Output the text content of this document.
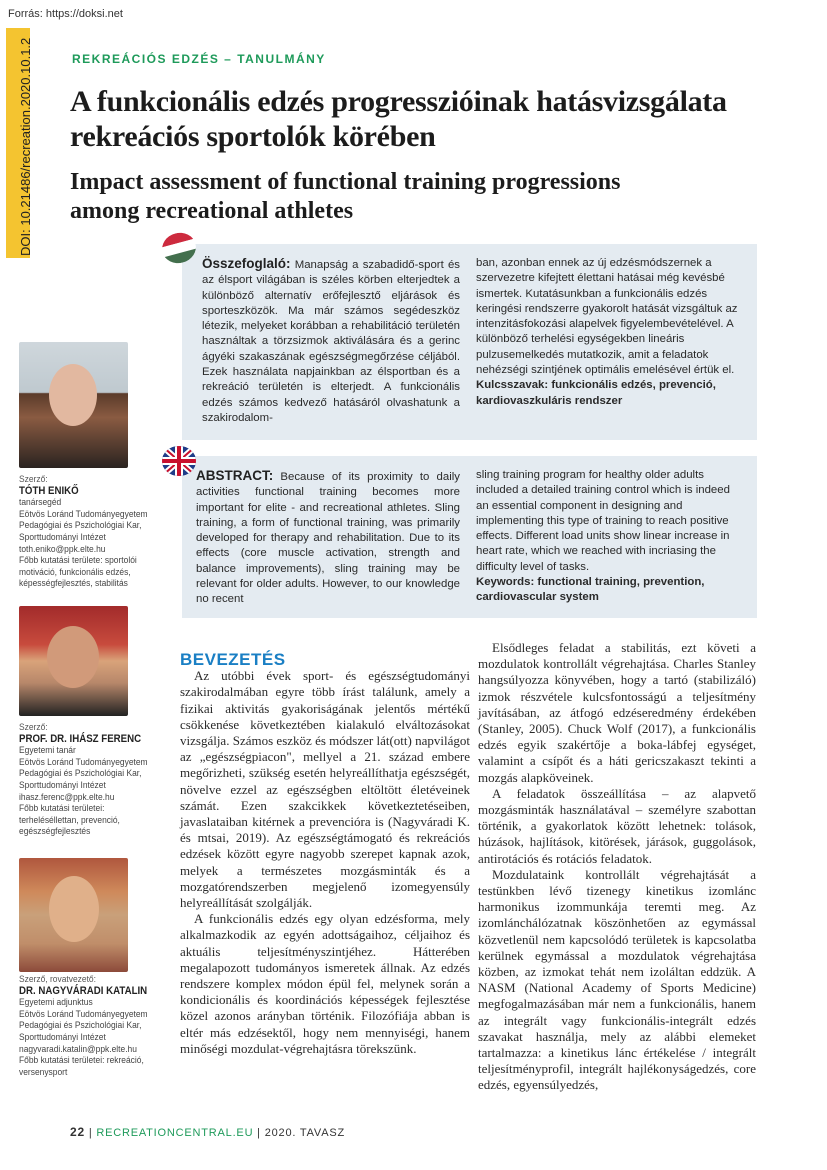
Forrás: https://doksi.net
DOI: 10.21486/recreation.2020.10.1.2	REKREÁCIÓS EDZÉS – TANULMÁNY
A funkcionális edzés progresszióinak hatásvizsgálata
rekreációs sportolók körében
Impact assessment of functional training progressions
among recreational athletes
Összefoglaló: Manapság a szabadidő-sport és az élsport világában is széles körben elterjedtek a különböző alternatív erőfejlesztő eljárások és sporteszközök. Ma már számos segédeszköz létezik, melyeket korábban a rehabilitáció területén használtak a törzsizmok aktiválására és a gerinc ágyéki szakaszának egészségmegőrzése céljából. Ezek használata napjainkban az élsportban és a rekreáció területén is elterjedt. A funkcionális edzés számos kedvező hatásáról olvashatunk a szakirodalom-
ban, azonban ennek az új edzésmódszernek a szervezetre kifejtett élettani hatásai még kevésbé ismertek. Kutatásunkban a funkcionális edzés keringési rendszerre gyakorolt hatását vizsgáltuk az intenzitásfokozási alapelvek figyelembevételével. A különböző terhelési egységekben lineáris pulzusemelkedés mutatkozik, amit a feladatok nehézségi szintjének optimális emelésével értük el.
Kulcsszavak: funkcionális edzés, prevenció, kardiovaszkuláris rendszer
ABSTRACT: Because of its proximity to daily activities functional training becomes more important for elite - and recreational athletes. Sling training, a form of functional training, was primarily developed for therapy and rehabilitation. Due to its effects (core muscle activation, strength and balance improvements), sling training may be relevant for older adults. However, to our knowledge no recent
sling training program for healthy older adults included a detailed training control which is indeed an essential component in designing and implementing this type of training to reach positive effects. Different load units show linear increase in heart rate, which we reached with incriasing the difficulty level of tasks.
Keywords: functional training, prevention, cardiovascular system
Szerző:
TÓTH ENIKŐ
tanársegéd
Eötvös Loránd Tudományegyetem
Pedagógiai és Pszichológiai Kar,
Sporttudományi Intézet
toth.eniko@ppk.elte.hu
Főbb kutatási területe: sportolói
motiváció, funkcionális edzés,
képességfejlesztés, stabilitás
Szerző:
PROF. DR. IHÁSZ FERENC
Egyetemi tanár
Eötvös Loránd Tudományegyetem
Pedagógiai és Pszichológiai Kar,
Sporttudományi Intézet
ihasz.ferenc@ppk.elte.hu
Főbb kutatási területei:
terheléséllettan, prevenció,
egészségfejlesztés
Szerző, rovatvezető:
DR. NAGYVÁRADI KATALIN
Egyetemi adjunktus
Eötvös Loránd Tudományegyetem
Pedagógiai és Pszichológiai Kar,
Sporttudományi Intézet
nagyvaradi.katalin@ppk.elte.hu
Főbb kutatási területei: rekreáció,
versenysport
BEVEZETÉS

Az utóbbi évek sport- és egészségtudományi szakirodalmában egyre több írást találunk, amely a fizikai aktivitás gyakoriságának jelentős mértékű csökkenése következtében kialakuló elváltozásokat vizsgálja. Számos eszköz és módszer lát(ott) napvilágot az „egészségpiacon", mellyel a 21. század embere megőrizheti, szükség esetén helyreállíthatja egészségét, növelve ezzel az egészségben eltöltött életéveinek számát. Ezen szakcikkek következtetéseiben, javaslataiban kitérnek a prevencióra is (Nagyváradi K. és mtsai, 2019). Az egészségtámogató és rekreációs edzések között egyre nagyobb szerepet kapnak azok, melyek a természetes mozgásminták és a mozgatórendszerben megjelenő izomegyensúly helyreállítását szolgálják.

A funkcionális edzés egy olyan edzésforma, mely alkalmazkodik az egyén adottságaihoz, céljaihoz és aktuális teljesítményszintjéhez. Hátterében megalapozott tudományos ismeretek állnak. Az edzés rendszere komplex módon épül fel, melynek során a kondicionális és koordinációs képességek fejlesztése közel azonos arányban történik. Filozófiája abban is eltér más edzésektől, hogy nem mennyiségi, hanem minőségi mozdulat-végrehajtásra törekszünk.

Elsődleges feladat a stabilitás, ezt követi a mozdulatok kontrollált végrehajtása. Charles Stanley hangsúlyozza könyvében, hogy a tartó (stabilizáló) izmok részvétele kulcsfontosságú a teljesítmény javításában, az átfogó edzéseredmény érdekében (Stanley, 2005). Chuck Wolf (2017), a funkcionális edzés egyik szakértője a boka-lábfej egységet, valamint a csípőt és a háti gericszakaszt tekinti a mozgás alapköveinek.

A feladatok összeállítása – az alapvető mozgásminták használatával – személyre szabottan történik, a gyakorlatok között lehetnek: tolások, húzások, hajlítások, kitörések, járások, guggolások, antirotációs és rotációs feladatok.

Mozdulataink kontrollált végrehajtását a testünkben lévő tizenegy kinetikus izomlánc harmonikus izommunkája teremti meg. Az izomlánchálózatnak köszönhetően az egymással közvetlenül nem kapcsolódó területek is kapcsolatba kerülnek egymással a mozdulatok végrehajtása közben, az izmokat tehát nem izoláltan eddzük. A NASM (National Academy of Sports Medicine) megfogalmazásában már nem a funkcionális, hanem az integrált vagy funkcionális-integrált edzés szavakat használja, mely az alábbi elemeket tartalmazza: a kinetikus lánc értékelése / integrált teljesítményprofil, integrált hajlékonyságedzés, core edzés, egyensúlyedzés,

22 | RECREATIONCENTRAL.EU | 2020. TAVASZ
